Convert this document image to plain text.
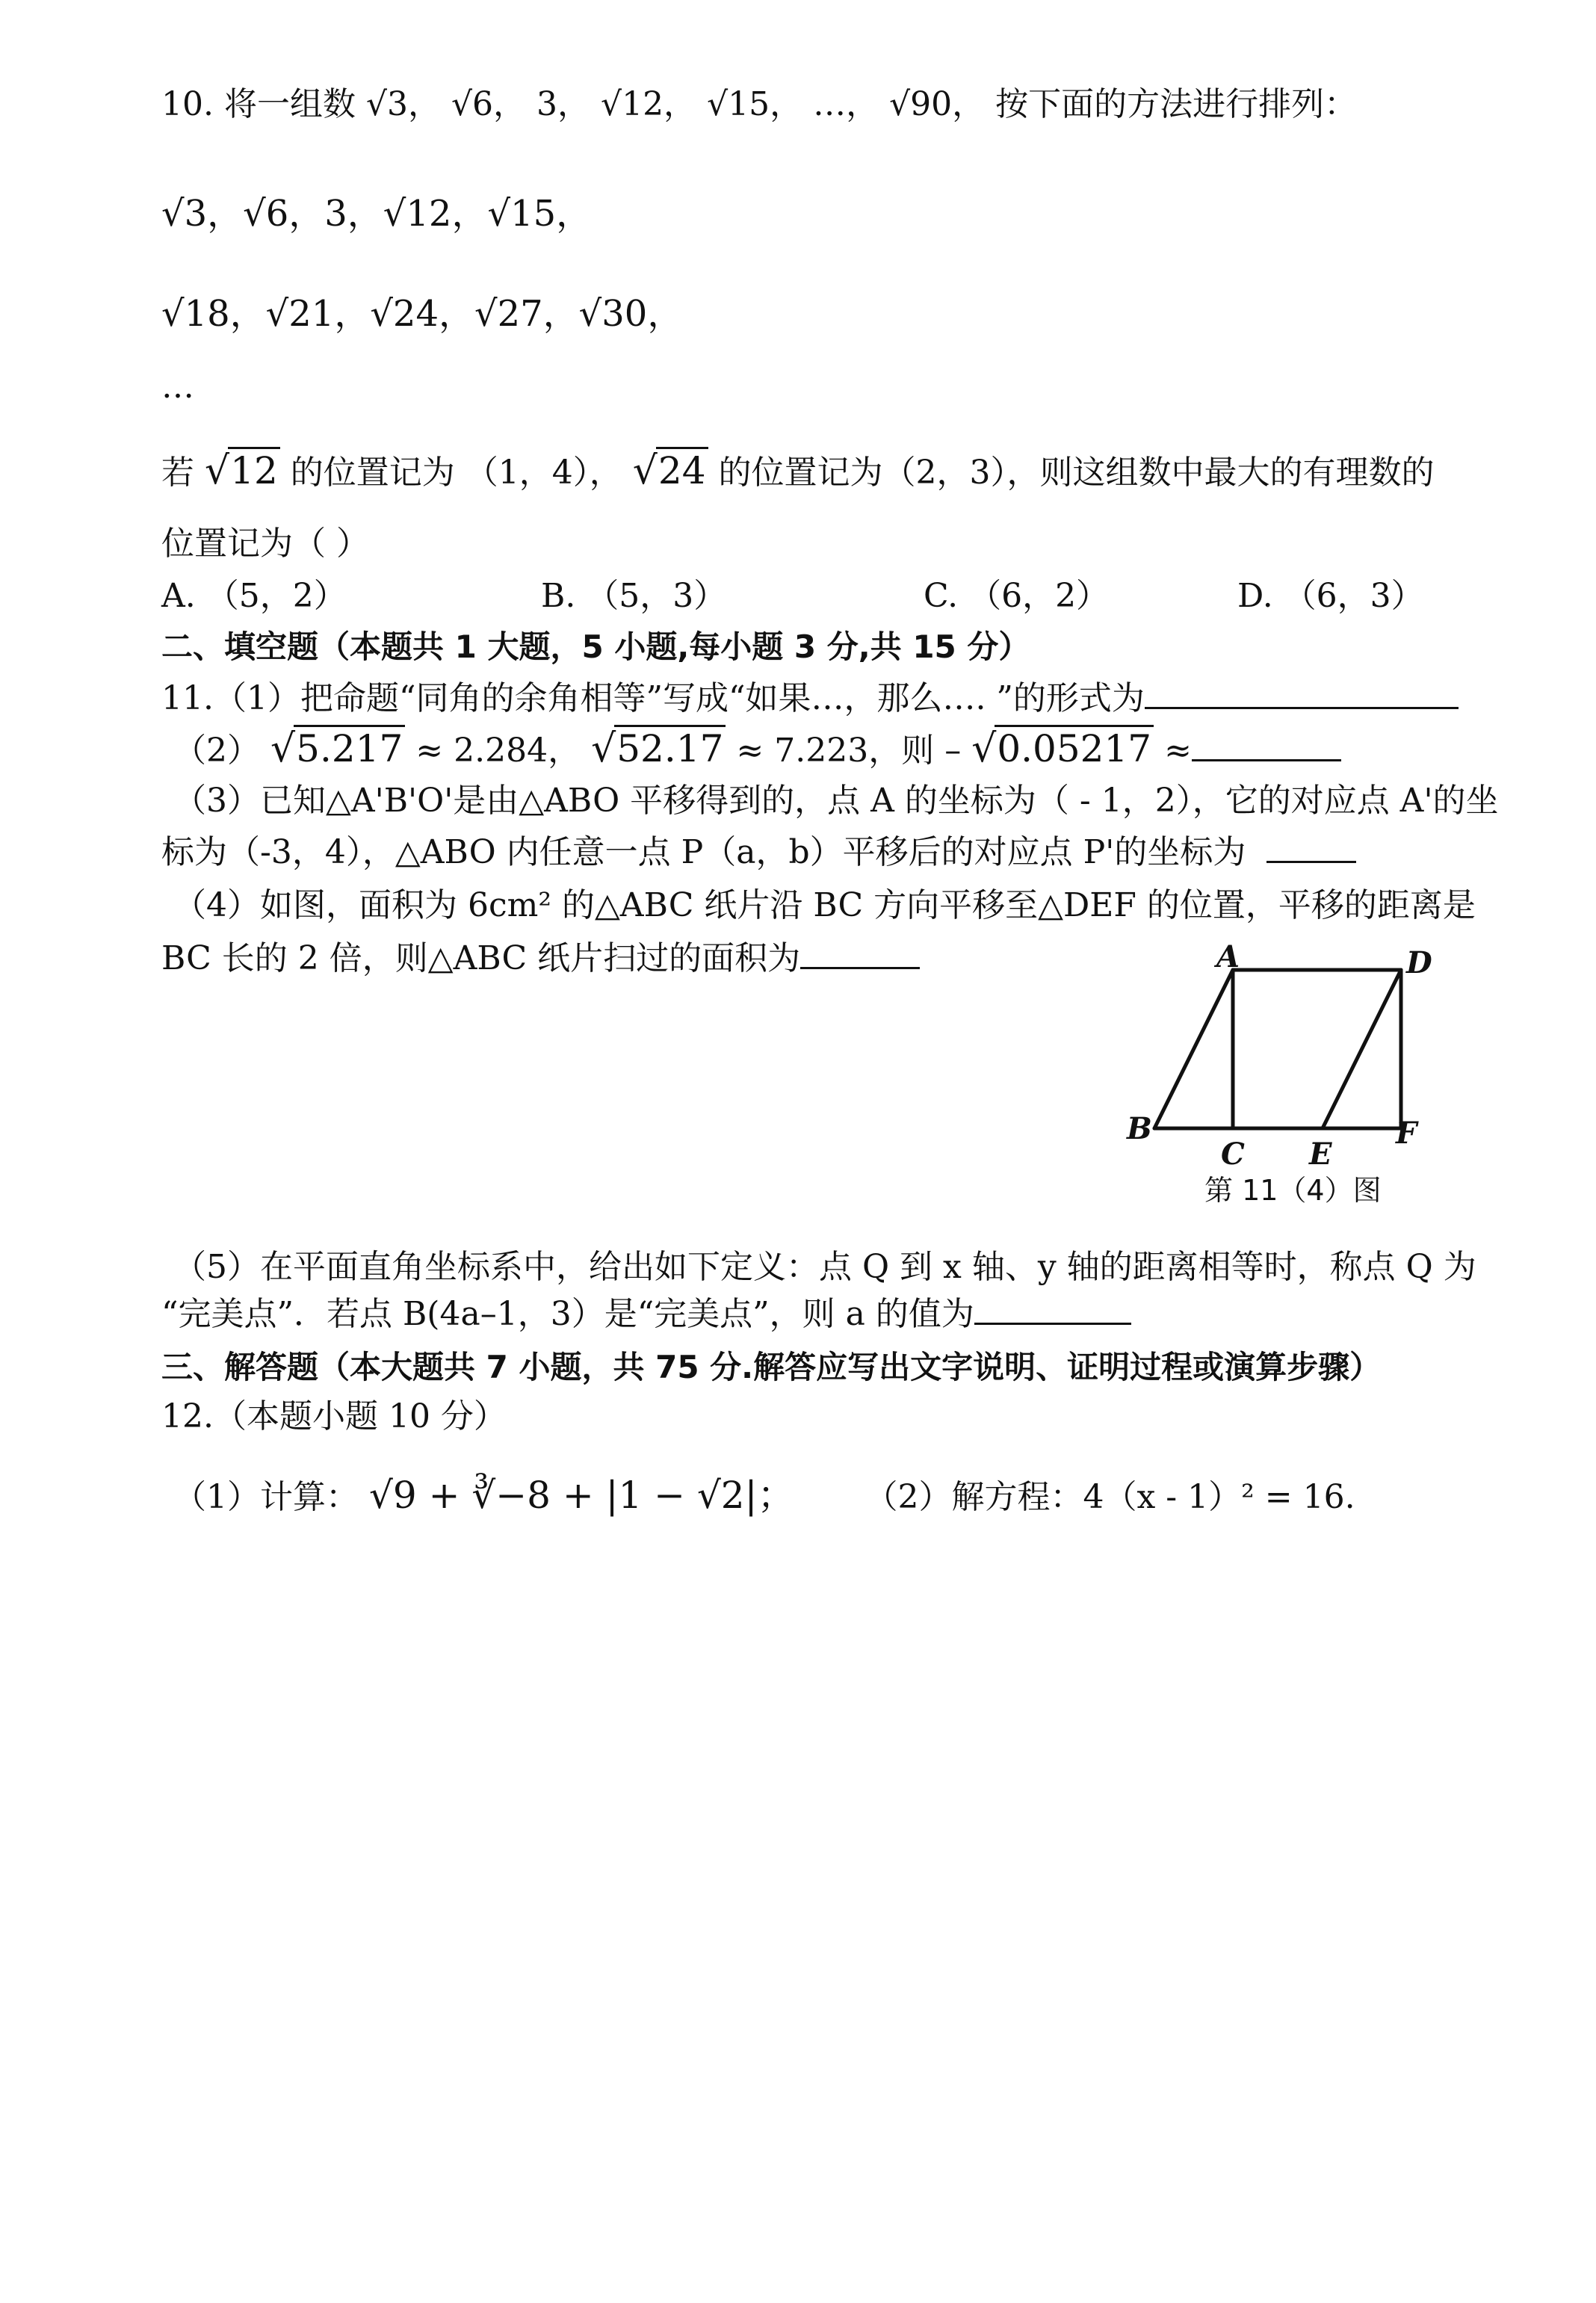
10. 将一组数 √3， √6， 3， √12， √15， …， √90， 按下面的方法进行排列：
√3，√6，3，√12，√15，
√18，√21，√24，√27，√30，
…
若 √12 的位置记为 （1，4）， √24 的位置记为（2，3），则这组数中最大的有理数的
位置记为（ ）
A. （5，2）	B. （5，3）	C. （6，2）	D. （6，3）
二、填空题（本题共 1 大题，5 小题,每小题 3 分,共 15 分）
11.（1）把命题“同角的余角相等”写成“如果…，那么…. ”的形式为
（2） √5.217 ≈ 2.284， √52.17 ≈ 7.223，则 – √0.05217 ≈
（3）已知△A'B'O'是由△ABO 平移得到的，点 A 的坐标为（ - 1，2），它的对应点 A'的坐
标为（-3，4），△ABO 内任意一点 P（a，b）平移后的对应点 P'的坐标为
（4）如图，面积为 6cm² 的△ABC 纸片沿 BC 方向平移至△DEF 的位置，平移的距离是
BC 长的 2 倍，则△ABC 纸片扫过的面积为	A	D
B
C E
F
第 11（4）图
（5）在平面直角坐标系中，给出如下定义：点 Q 到 x 轴、y 轴的距离相等时，称点 Q 为
“完美点”．若点 B(4a–1，3）是“完美点”，则 a 的值为
三、解答题（本大题共 7 小题，共 75 分.解答应写出文字说明、证明过程或演算步骤）
12.（本题小题 10 分）
（1）计算： √9 + ∛−8 + |1 − √2|； （2）解方程：4（x - 1）² = 16.
